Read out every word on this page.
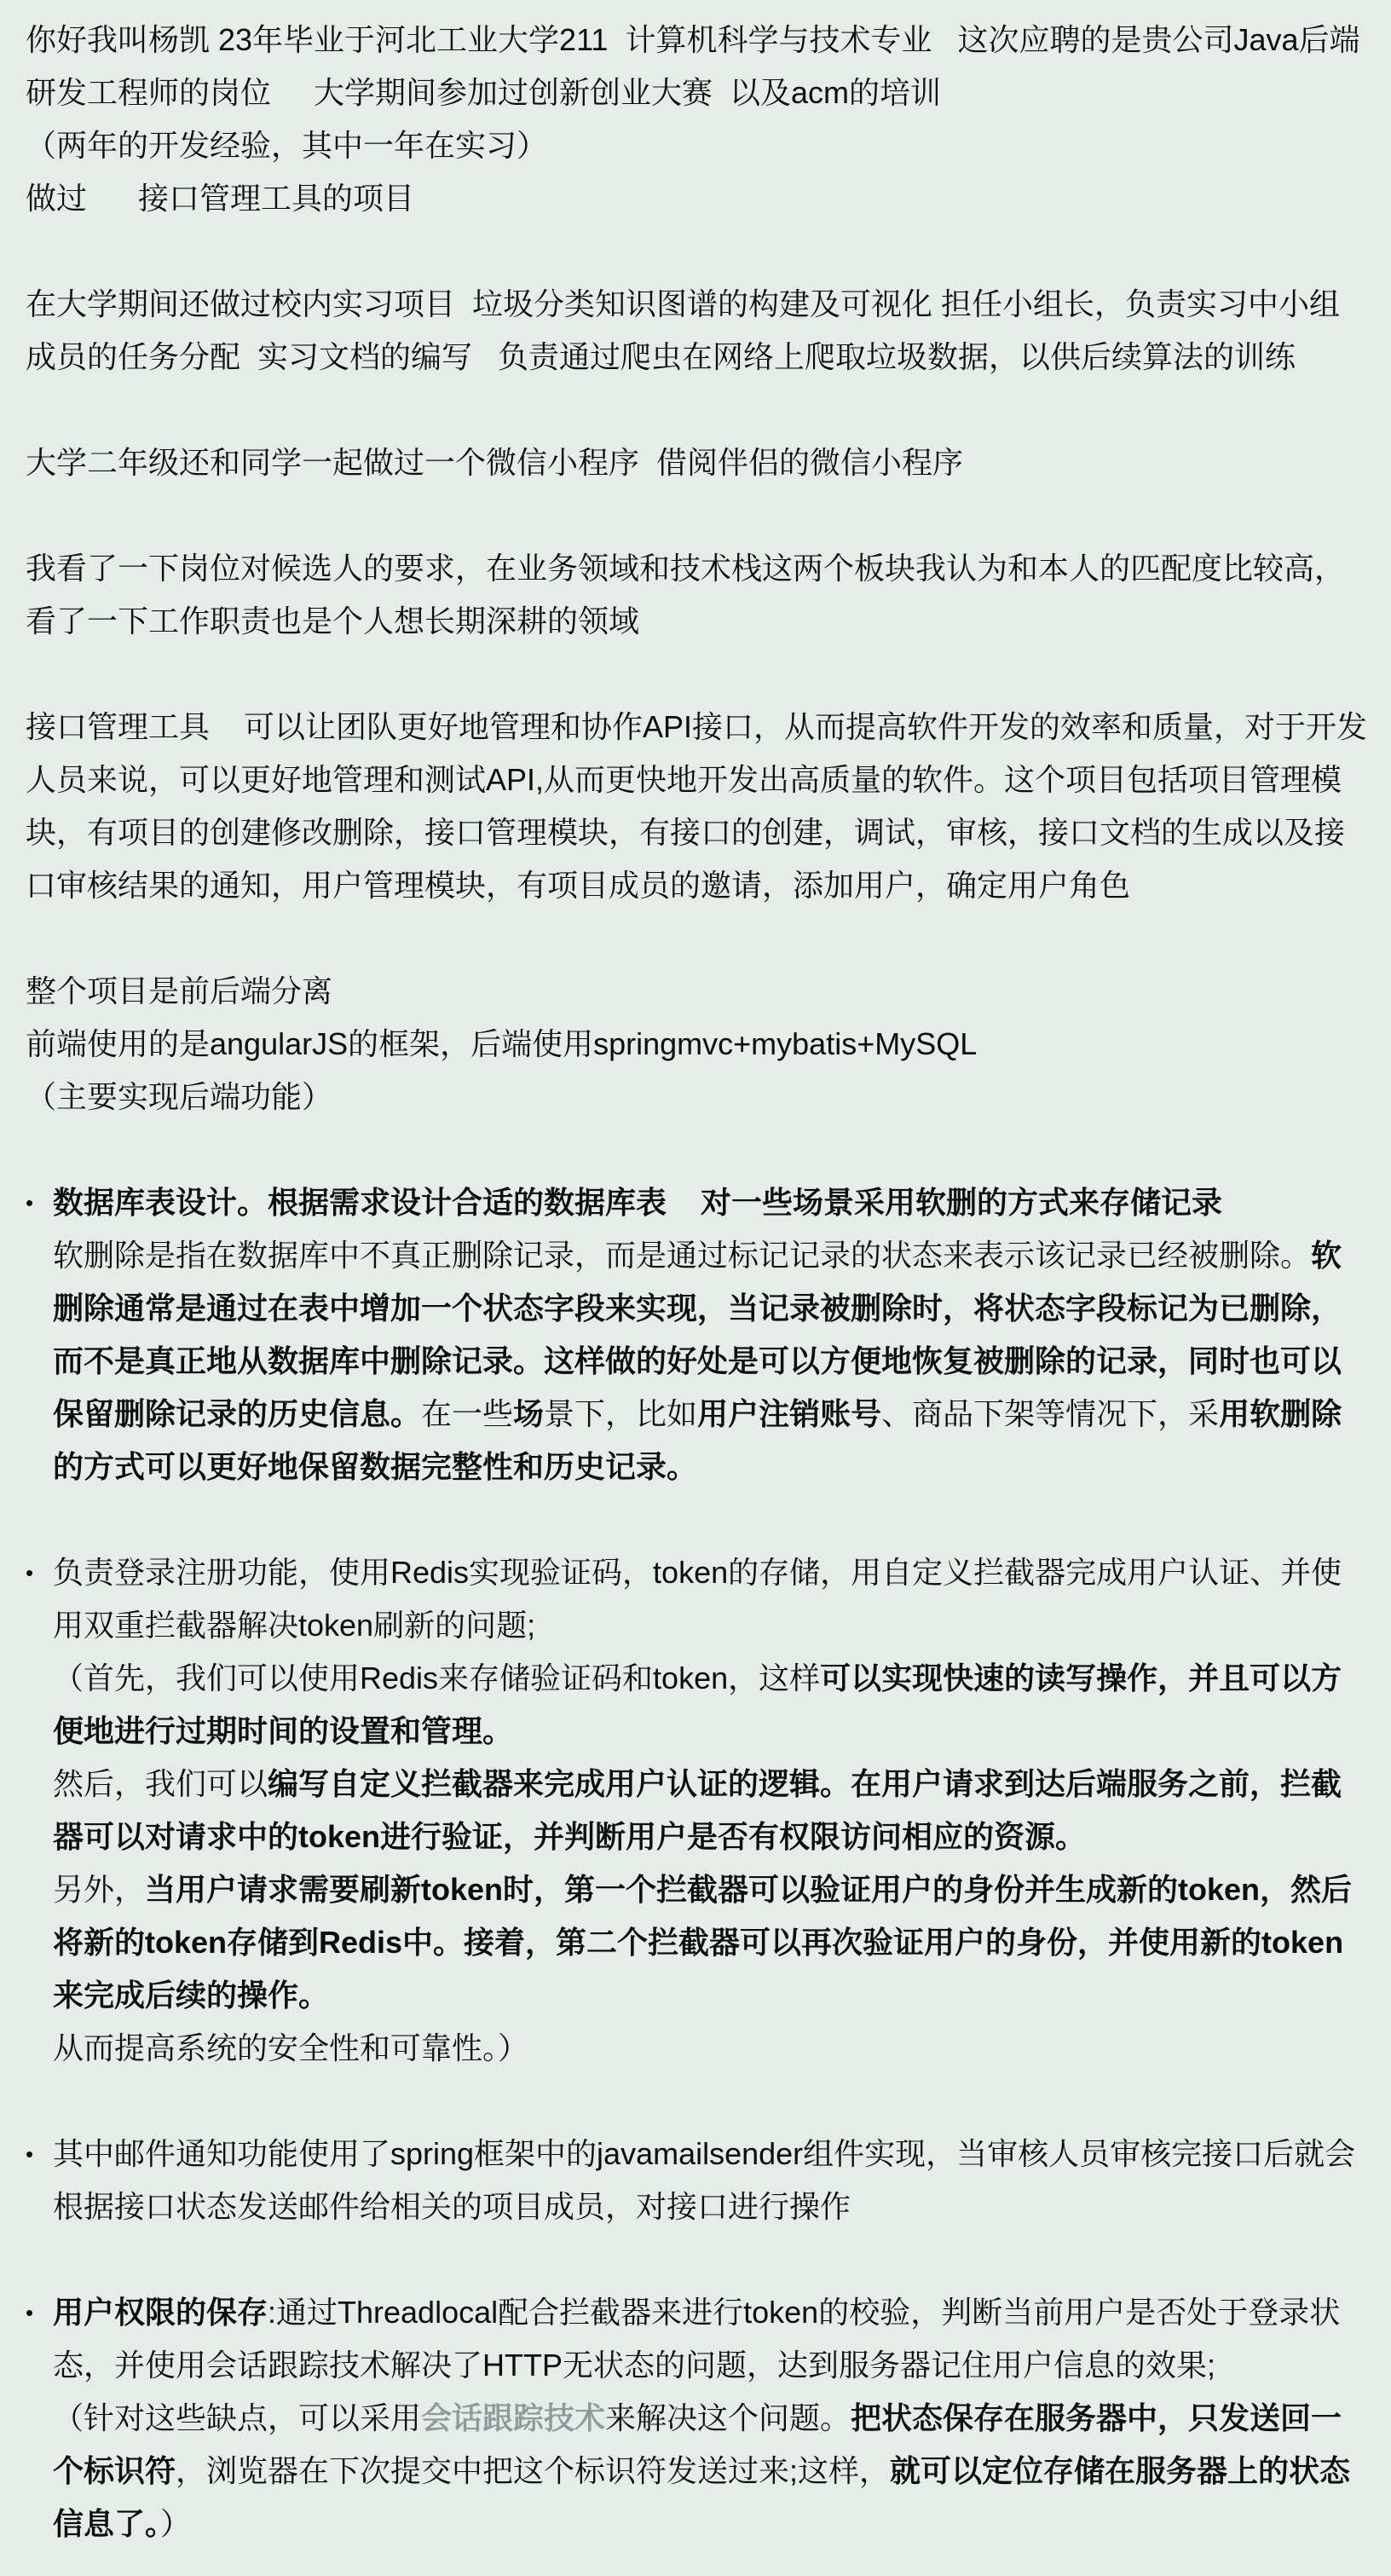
你好我叫杨凯 23年毕业于河北工业大学211  计算机科学与技术专业   这次应聘的是贵公司Java后端研发工程师的岗位     大学期间参加过创新创业大赛  以及acm的培训

（两年的开发经验，其中一年在实习）

做过      接口管理工具的项目

在大学期间还做过校内实习项目  垃圾分类知识图谱的构建及可视化 担任小组长，负责实习中小组成员的任务分配  实习文档的编写   负责通过爬虫在网络上爬取垃圾数据，以供后续算法的训练

大学二年级还和同学一起做过一个微信小程序  借阅伴侣的微信小程序

我看了一下岗位对候选人的要求，在业务领域和技术栈这两个板块我认为和本人的匹配度比较高，看了一下工作职责也是个人想长期深耕的领域

接口管理工具    可以让团队更好地管理和协作API接口，从而提高软件开发的效率和质量，对于开发人员来说，可以更好地管理和测试API,从而更快地开发出高质量的软件。这个项目包括项目管理模块，有项目的创建修改删除，接口管理模块，有接口的创建，调试，审核，接口文档的生成以及接口审核结果的通知，用户管理模块，有项目成员的邀请，添加用户，确定用户角色

整个项目是前后端分离

前端使用的是angularJS的框架，后端使用springmvc+mybatis+MySQL

（主要实现后端功能）

• 数据库表设计。根据需求设计合适的数据库表    对一些场景采用软删的方式来存储记录

软删除是指在数据库中不真正删除记录，而是通过标记记录的状态来表示该记录已经被删除。软删除通常是通过在表中增加一个状态字段来实现，当记录被删除时，将状态字段标记为已删除，而不是真正地从数据库中删除记录。这样做的好处是可以方便地恢复被删除的记录，同时也可以保留删除记录的历史信息。在一些场景下，比如用户注销账号、商品下架等情况下，采用软删除的方式可以更好地保留数据完整性和历史记录。

• 负责登录注册功能，使用Redis实现验证码，token的存储，用自定义拦截器完成用户认证、并使用双重拦截器解决token刷新的问题;

（首先，我们可以使用Redis来存储验证码和token，这样可以实现快速的读写操作，并且可以方便地进行过期时间的设置和管理。

然后，我们可以编写自定义拦截器来完成用户认证的逻辑。在用户请求到达后端服务之前，拦截器可以对请求中的token进行验证，并判断用户是否有权限访问相应的资源。

另外，当用户请求需要刷新token时，第一个拦截器可以验证用户的身份并生成新的token，然后将新的token存储到Redis中。接着，第二个拦截器可以再次验证用户的身份，并使用新的token来完成后续的操作。

从而提高系统的安全性和可靠性。）

• 其中邮件通知功能使用了spring框架中的javamailsender组件实现，当审核人员审核完接口后就会根据接口状态发送邮件给相关的项目成员，对接口进行操作

• 用户权限的保存:通过Threadlocal配合拦截器来进行token的校验，判断当前用户是否处于登录状态，并使用会话跟踪技术解决了HTTP无状态的问题，达到服务器记住用户信息的效果;

（针对这些缺点，可以采用会话跟踪技术来解决这个问题。把状态保存在服务器中，只发送回一个标识符，浏览器在下次提交中把这个标识符发送过来;这样，就可以定位存储在服务器上的状态信息了。）
